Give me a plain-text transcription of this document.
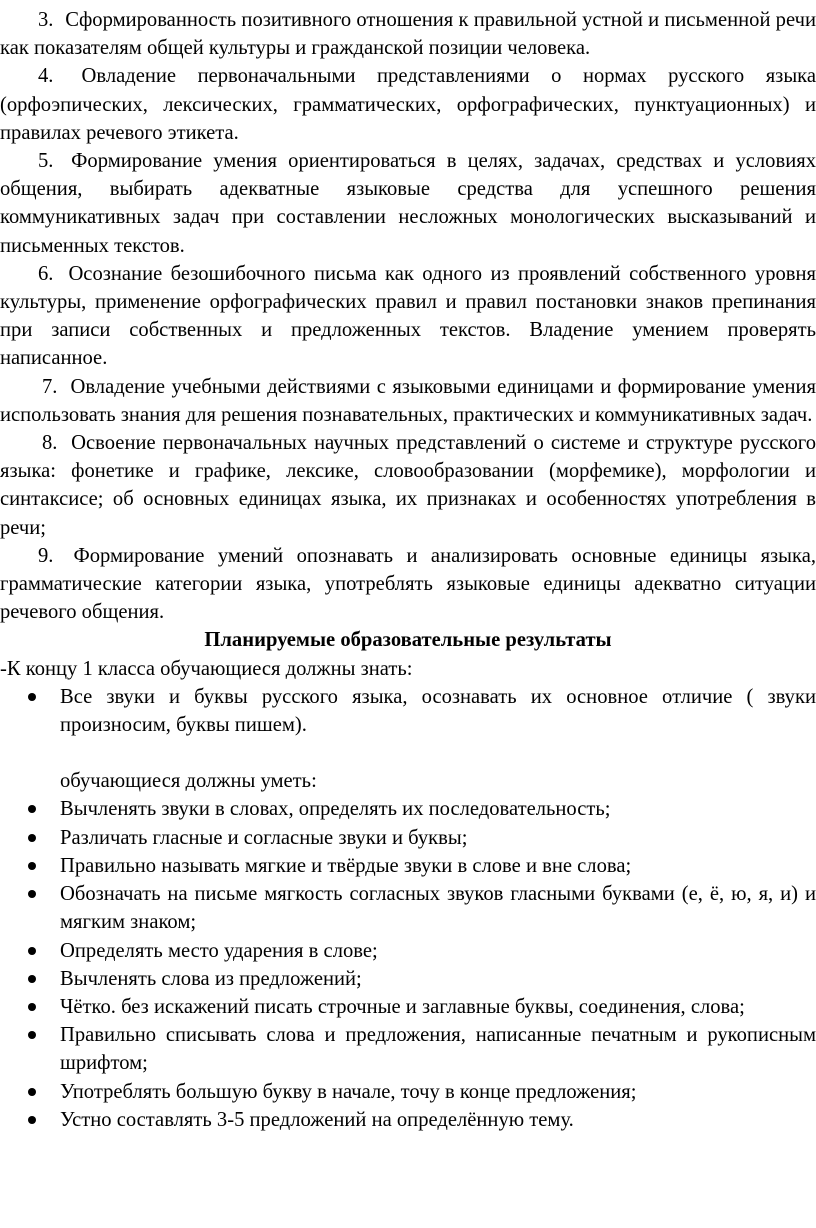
3. Сформированность позитивного отношения к правильной устной и письменной речи как показателям общей культуры и гражданской позиции человека.

4. Овладение первоначальными представлениями о нормах русского языка (орфоэпических, лексических, грамматических, орфографических, пунктуационных) и правилах речевого этикета.

5. Формирование умения ориентироваться в целях, задачах, средствах и условиях общения, выбирать адекватные языковые средства для успешного решения коммуникативных задач при составлении несложных монологических высказываний и письменных текстов.

6. Осознание безошибочного письма как одного из проявлений собственного уровня культуры, применение орфографических правил и правил постановки знаков препинания при записи собственных и предложенных текстов. Владение умением проверять написанное.

7. Овладение учебными действиями с языковыми единицами и формирование умения использовать знания для решения познавательных, практических и коммуникативных задач.

8. Освоение первоначальных научных представлений о системе и структуре русского языка: фонетике и графике, лексике, словообразовании (морфемике), морфологии и синтаксисе; об основных единицах языка, их признаках и особенностях употребления в речи;

9. Формирование умений опознавать и анализировать основные единицы языка, грамматические категории языка, употреблять языковые единицы адекватно ситуации речевого общения.

Планируемые образовательные результаты

-К концу 1 класса обучающиеся должны знать:

Все звуки и буквы русского языка, осознавать их основное отличие ( звуки произносим, буквы пишем).

обучающиеся должны уметь:

Вычленять звуки в словах, определять их последовательность;
Различать гласные и согласные звуки и буквы;
Правильно называть мягкие и твёрдые звуки в слове и вне слова;
Обозначать на письме мягкость согласных звуков гласными буквами (е, ё, ю, я, и) и мягким знаком;
Определять место ударения в слове;
Вычленять слова из предложений;
Чётко. без искажений писать строчные и заглавные буквы, соединения, слова;
Правильно списывать слова и предложения, написанные печатным и рукописным шрифтом;
Употреблять большую букву в начале, точу в конце предложения;
Устно составлять 3-5 предложений на определённую тему.
